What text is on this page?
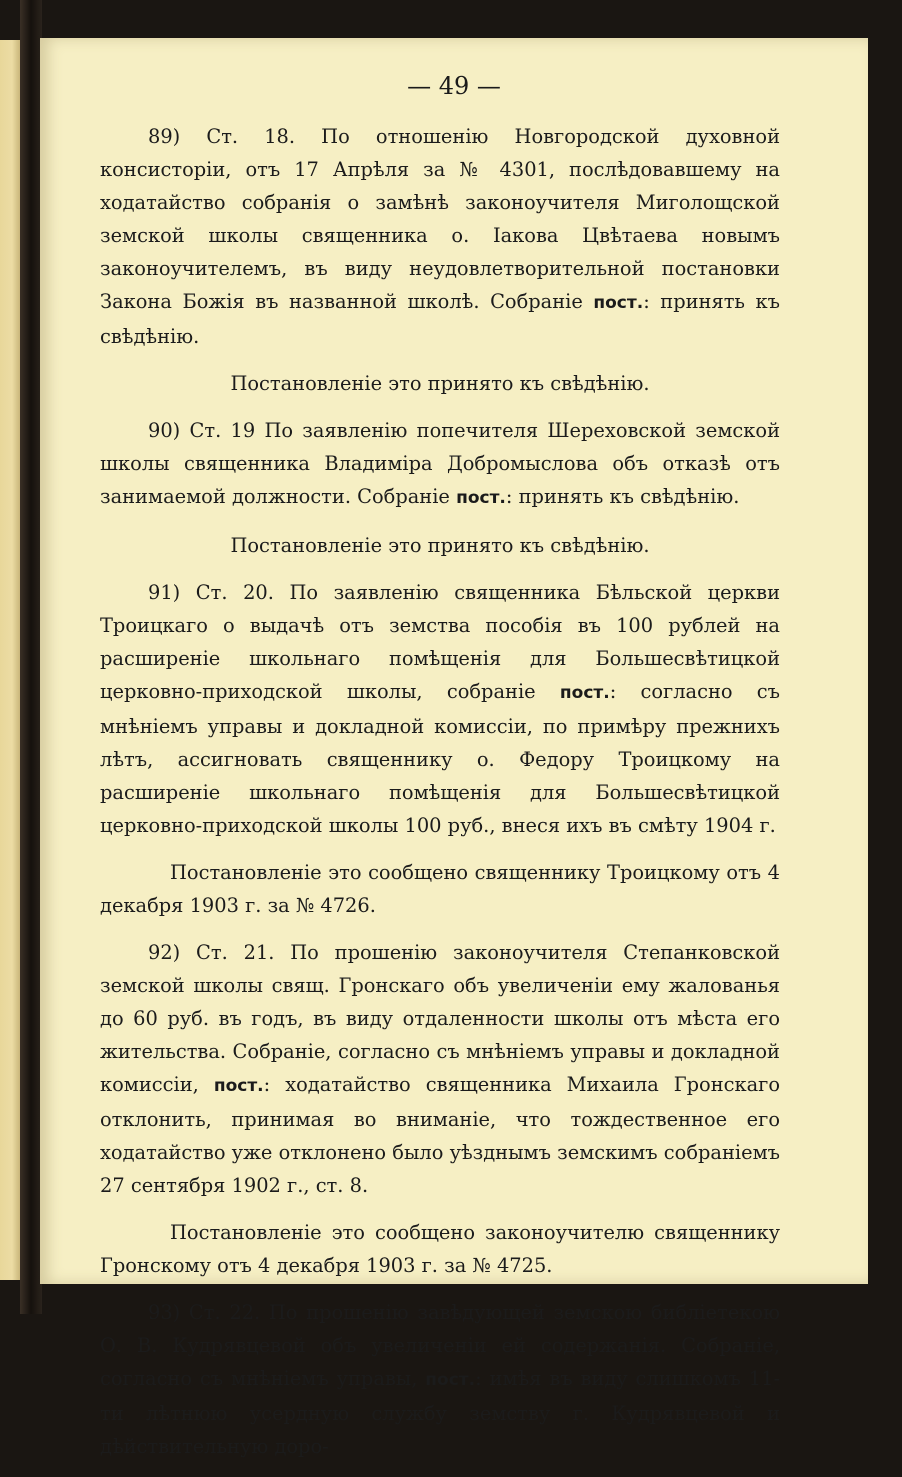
— 49 —

89) Ст. 18. По отношенію Новгородской духовной консисторіи, отъ 17 Апрѣля за № 4301, послѣдовавшему на ходатайство собранія о замѣнѣ законоучителя Миголощской земской школы священника о. Іакова Цвѣтаева новымъ законоучителемъ, въ виду неудовлетворительной постановки Закона Божія въ названной школѣ. Собраніе пост.: принять къ свѣдѣнію.

Постановленіе это принято къ свѣдѣнію.

90) Ст. 19 По заявленію попечителя Шереховской земской школы священника Владиміра Добромыслова объ отказѣ отъ занимаемой должности. Собраніе пост.: принять къ свѣдѣнію.

Постановленіе это принято къ свѣдѣнію.

91) Ст. 20. По заявленію священника Бѣльской церкви Троицкаго о выдачѣ отъ земства пособія въ 100 рублей на расширеніе школьнаго помѣщенія для Большесвѣтицкой церковно-приходской школы, собраніе пост.: согласно съ мнѣніемъ управы и докладной комиссіи, по примѣру прежнихъ лѣтъ, ассигновать священнику о. Федору Троицкому на расширеніе школьнаго помѣщенія для Большесвѣтицкой церковно-приходской школы 100 руб., внеся ихъ въ смѣту 1904 г.

Постановленіе это сообщено священнику Троицкому отъ 4 декабря 1903 г. за № 4726.

92) Ст. 21. По прошенію законоучителя Степанковской земской школы свящ. Гронскаго объ увеличеніи ему жалованья до 60 руб. въ годъ, въ виду отдаленности школы отъ мѣста его жительства. Собраніе, согласно съ мнѣніемъ управы и докладной комиссіи, пост.: ходатайство священника Михаила Гронскаго отклонить, принимая во вниманіе, что тождественное его ходатайство уже отклонено было уѣзднымъ земскимъ собраніемъ 27 сентября 1902 г., ст. 8.

Постановленіе это сообщено законоучителю священнику Гронскому отъ 4 декабря 1903 г. за № 4725.

93) Ст. 22. По прошенію завѣдующей земскою библіетекою О. В. Кудрявцевой объ увеличеніи ей содержанія. Собраніе, согласно съ мнѣніемъ управы, пост.: имѣя въ виду слишкомъ 11-ти лѣтнюю усердную службу земству г. Кудрявцевой и дѣйствительную доро-
